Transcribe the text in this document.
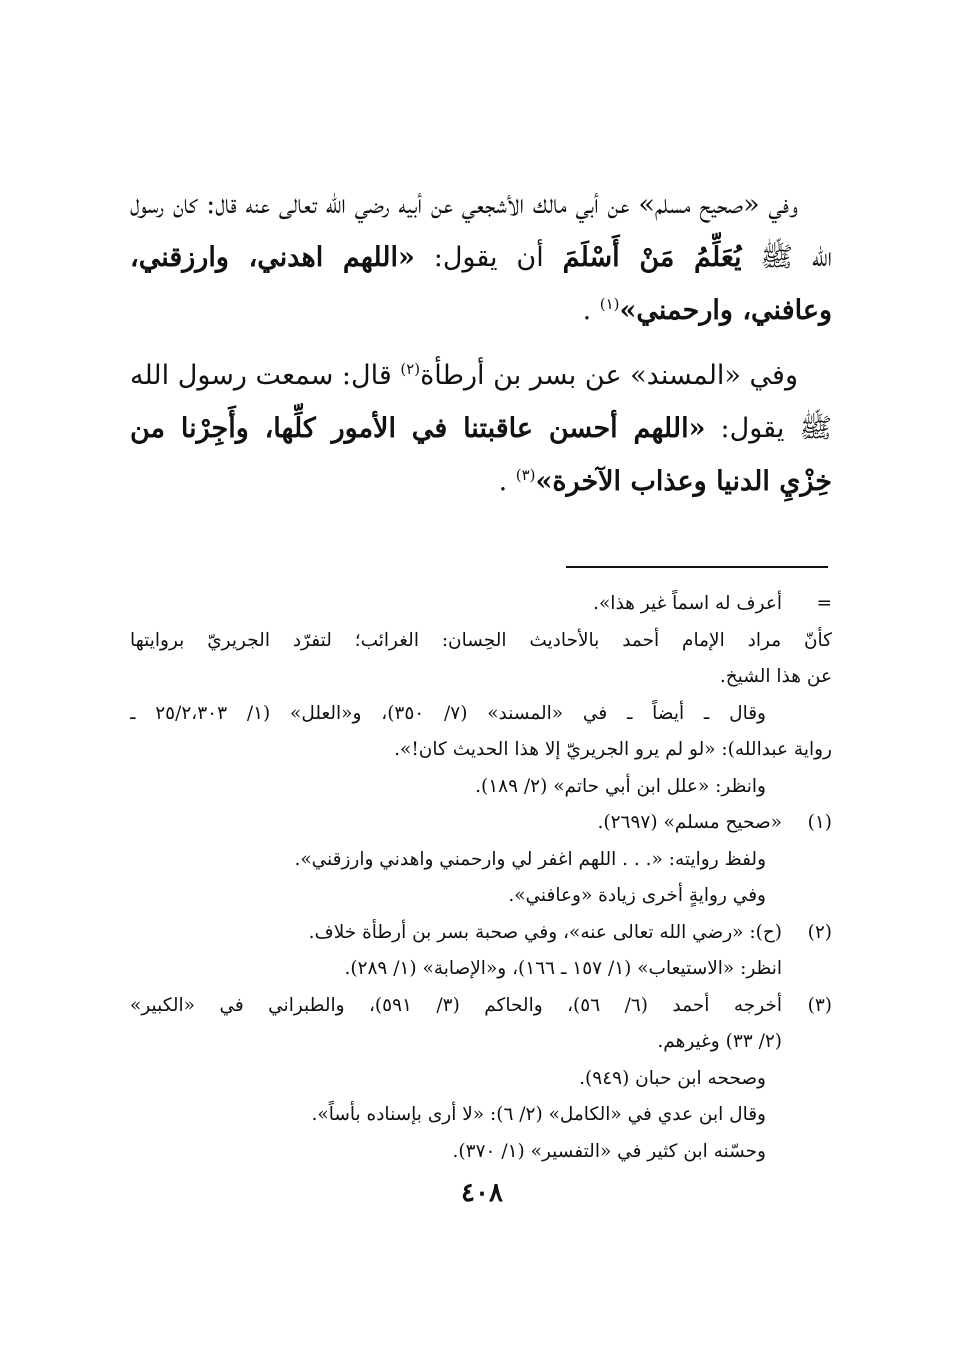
وفي «صحيح مسلم» عن أبي مالك الأشجعي عن أبيه رضي الله تعالى عنه قال: كان رسول الله ﷺ يُعَلِّمُ مَنْ أَسْلَمَ أن يقول: «اللهم اهدني، وارزقني، وعافني، وارحمني»$^{(١)}$ .

وفي «المسند» عن بسر بن أرطأة$^{(٢)}$ قال: سمعت رسول الله ﷺ يقول: «اللهم أحسن عاقبتنا في الأمور كلِّها، وأَجِرْنا من خِزْيِ الدنيا وعذاب الآخرة»$^{(٣)}$ .

=أعرف له اسماً غير هذا».
كأنّ مراد الإمام أحمد بالأحاديث الحِسان: الغرائب؛ لتفرّد الجريريّ بروايتها
عن هذا الشيخ.
وقال ـ أيضاً ـ في «المسند» (٧/ ٣٥٠)، و«العلل» (١/ ٢٥/٢،٣٠٣ ـ
رواية عبدالله): «لو لم يرو الجريريّ إلا هذا الحديث كان!».
وانظر: «علل ابن أبي حاتم» (٢/ ١٨٩).
(١)«صحيح مسلم» (٢٦٩٧).
ولفظ روايته: «. . . اللهم اغفر لي وارحمني واهدني وارزقني».
وفي روايةٍ أخرى زيادة «وعافني».
(٢)(ح): «رضي الله تعالى عنه»، وفي صحبة بسر بن أرطأة خلاف.
انظر: «الاستيعاب» (١/ ١٥٧ ـ ١٦٦)، و«الإصابة» (١/ ٢٨٩).
(٣)أخرجه أحمد (٦/ ٥٦)، والحاكم (٣/ ٥٩١)، والطبراني في «الكبير»
(٢/ ٣٣) وغيرهم.
وصححه ابن حبان (٩٤٩).
وقال ابن عدي في «الكامل» (٢/ ٦): «لا أرى بإسناده بأساً».
وحسّنه ابن كثير في «التفسير» (١/ ٣٧٠).
٤٠٨
